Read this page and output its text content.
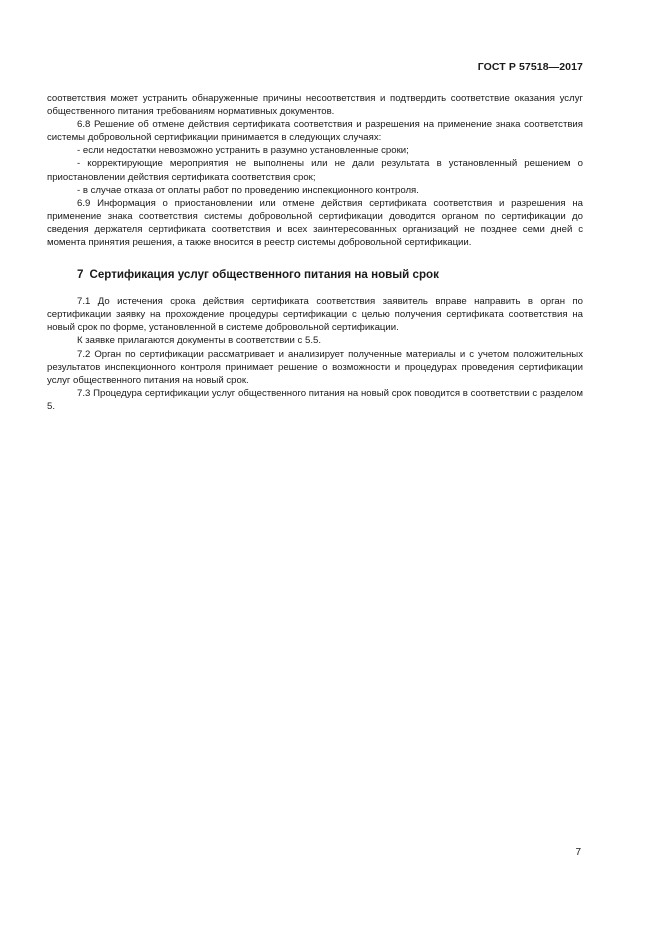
ГОСТ Р 57518—2017

соответствия может устранить обнаруженные причины несоответствия и подтвердить соответствие оказания услуг общественного питания требованиям нормативных документов.

6.8 Решение об отмене действия сертификата соответствия и разрешения на применение знака соответствия системы добровольной сертификации принимается в следующих случаях:

- если недостатки невозможно устранить в разумно установленные сроки;

- корректирующие мероприятия не выполнены или не дали результата в установленный решением о приостановлении действия сертификата соответствия срок;

- в случае отказа от оплаты работ по проведению инспекционного контроля.

6.9 Информация о приостановлении или отмене действия сертификата соответствия и разрешения на применение знака соответствия системы добровольной сертификации доводится органом по сертификации до сведения держателя сертификата соответствия и всех заинтересованных организаций не позднее семи дней с момента принятия решения, а также вносится в реестр системы добровольной сертификации.

7 Сертификация услуг общественного питания на новый срок

7.1 До истечения срока действия сертификата соответствия заявитель вправе направить в орган по сертификации заявку на прохождение процедуры сертификации с целью получения сертификата соответствия на новый срок по форме, установленной в системе добровольной сертификации.

К заявке прилагаются документы в соответствии с 5.5.

7.2 Орган по сертификации рассматривает и анализирует полученные материалы и с учетом положительных результатов инспекционного контроля принимает решение о возможности и процедурах проведения сертификации услуг общественного питания на новый срок.

7.3 Процедура сертификации услуг общественного питания на новый срок поводится в соответствии с разделом 5.

7
